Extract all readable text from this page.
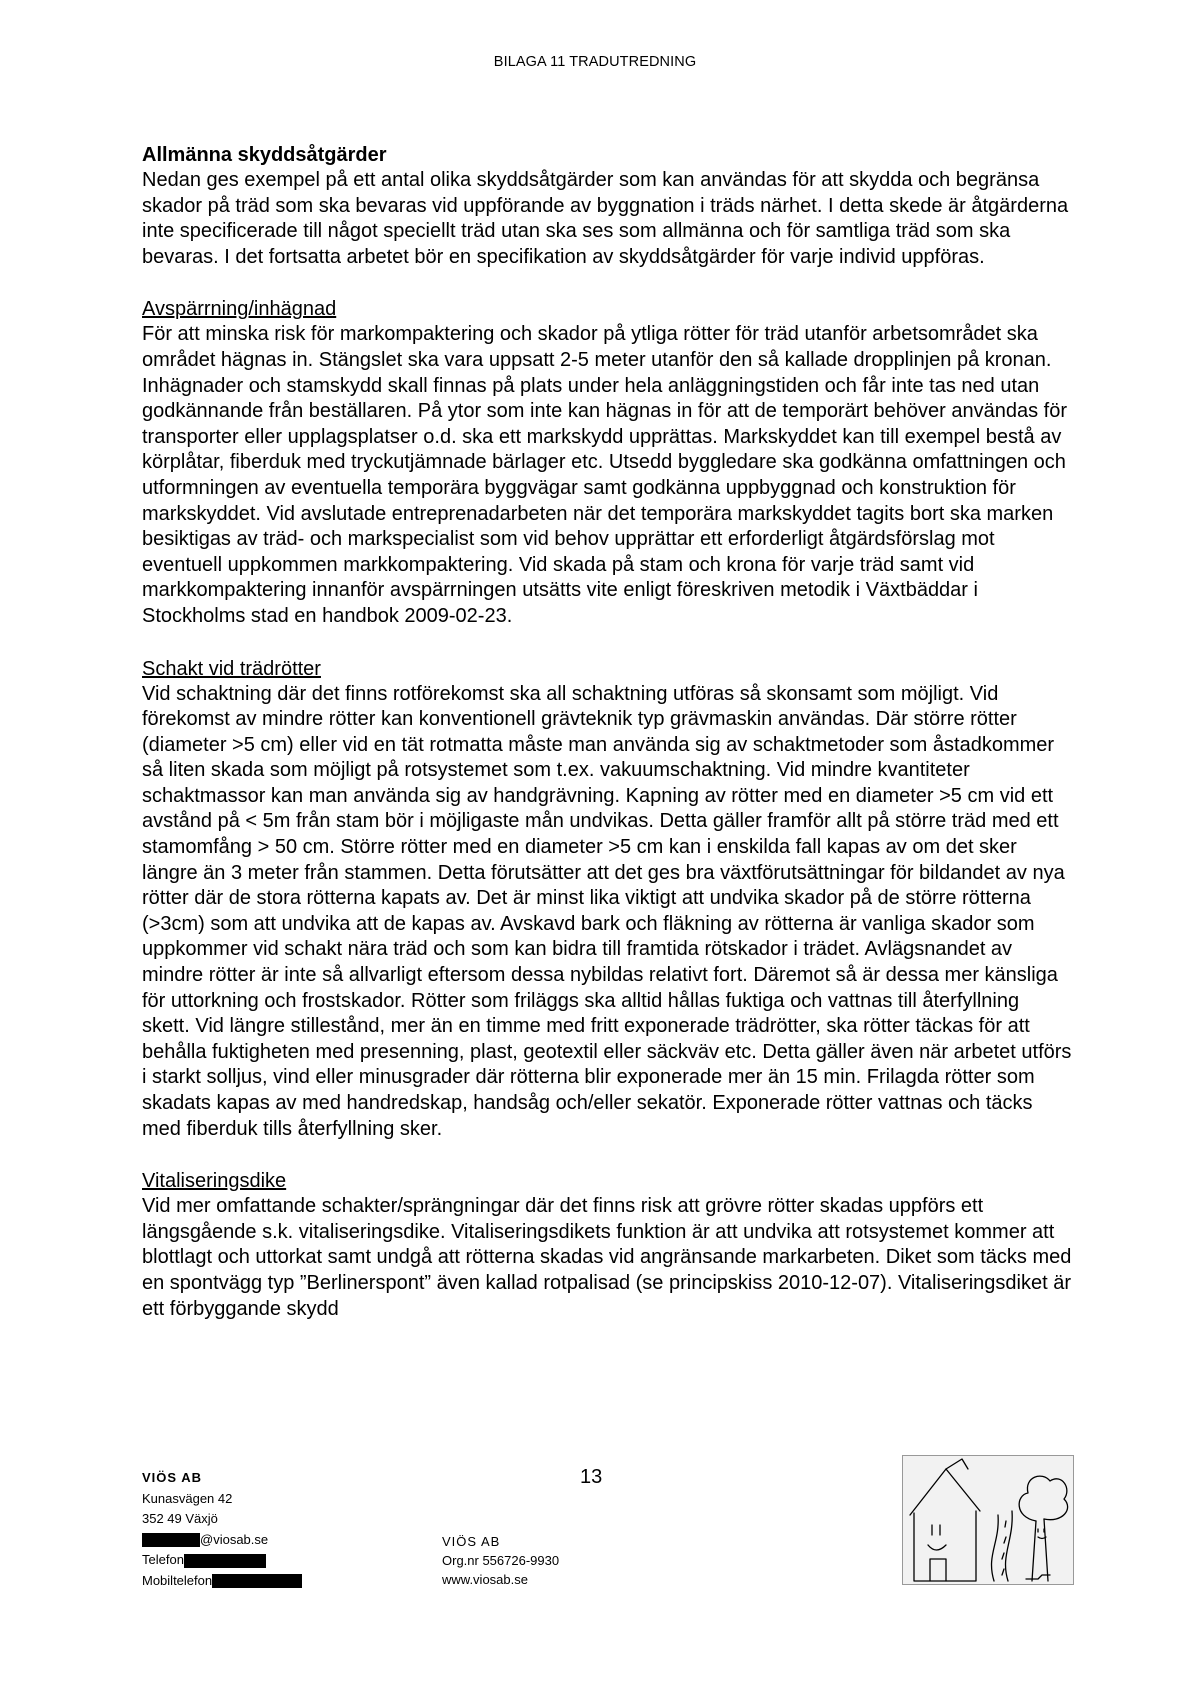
BILAGA 11 TRADUTREDNING
Allmänna skyddsåtgärder

Nedan ges exempel på ett antal olika skyddsåtgärder som kan användas för att skydda och begränsa skador på träd som ska bevaras vid uppförande av byggnation i träds närhet. I detta skede är åtgärderna inte specificerade till något speciellt träd utan ska ses som allmänna och för samtliga träd som ska bevaras. I det fortsatta arbetet bör en specifikation av skyddsåtgärder för varje individ uppföras.

Avspärrning/inhägnad

För att minska risk för markompaktering och skador på ytliga rötter för träd utanför arbetsområdet ska området hägnas in. Stängslet ska vara uppsatt 2-5 meter utanför den så kallade dropplinjen på kronan. Inhägnader och stamskydd skall finnas på plats under hela anläggningstiden och får inte tas ned utan godkännande från beställaren. På ytor som inte kan hägnas in för att de temporärt behöver användas för transporter eller upplagsplatser o.d. ska ett markskydd upprättas. Markskyddet kan till exempel bestå av körplåtar, fiberduk med tryckutjämnade bärlager etc. Utsedd byggledare ska godkänna omfattningen och utformningen av eventuella temporära byggvägar samt godkänna uppbyggnad och konstruktion för markskyddet. Vid avslutade entreprenadarbeten när det temporära markskyddet tagits bort ska marken besiktigas av träd- och markspecialist som vid behov upprättar ett erforderligt åtgärdsförslag mot eventuell uppkommen markkompaktering. Vid skada på stam och krona för varje träd samt vid markkompaktering innanför avspärrningen utsätts vite enligt föreskriven metodik i Växtbäddar i Stockholms stad en handbok 2009-02-23.

Schakt vid trädrötter

Vid schaktning där det finns rotförekomst ska all schaktning utföras så skonsamt som möjligt. Vid förekomst av mindre rötter kan konventionell grävteknik typ grävmaskin användas. Där större rötter (diameter >5 cm) eller vid en tät rotmatta måste man använda sig av schaktmetoder som åstadkommer så liten skada som möjligt på rotsystemet som t.ex. vakuumschaktning. Vid mindre kvantiteter schaktmassor kan man använda sig av handgrävning. Kapning av rötter med en diameter >5 cm vid ett avstånd på < 5m från stam bör i möjligaste mån undvikas. Detta gäller framför allt på större träd med ett stamomfång > 50 cm. Större rötter med en diameter >5 cm kan i enskilda fall kapas av om det sker längre än 3 meter från stammen. Detta förutsätter att det ges bra växtförutsättningar för bildandet av nya rötter där de stora rötterna kapats av. Det är minst lika viktigt att undvika skador på de större rötterna (>3cm) som att undvika att de kapas av. Avskavd bark och fläkning av rötterna är vanliga skador som uppkommer vid schakt nära träd och som kan bidra till framtida rötskador i trädet. Avlägsnandet av mindre rötter är inte så allvarligt eftersom dessa nybildas relativt fort. Däremot så är dessa mer känsliga för uttorkning och frostskador. Rötter som friläggs ska alltid hållas fuktiga och vattnas till återfyllning skett. Vid längre stillestånd, mer än en timme med fritt exponerade trädrötter, ska rötter täckas för att behålla fuktigheten med presenning, plast, geotextil eller säckväv etc. Detta gäller även när arbetet utförs i starkt solljus, vind eller minusgrader där rötterna blir exponerade mer än 15 min. Frilagda rötter som skadats kapas av med handredskap, handsåg och/eller sekatör. Exponerade rötter vattnas och täcks med fiberduk tills återfyllning sker.

Vitaliseringsdike

Vid mer omfattande schakter/sprängningar där det finns risk att grövre rötter skadas uppförs ett längsgående s.k. vitaliseringsdike. Vitaliseringsdikets funktion är att undvika att rotsystemet kommer att blottlagt och uttorkat samt undgå att rötterna skadas vid angränsande markarbeten. Diket som täcks med en spontvägg typ ”Berlinerspont” även kallad rotpalisad (se principskiss 2010-12-07). Vitaliseringsdiket är ett förbyggande skydd

13
VIÖS AB
Kunasvägen 42
352 49 Växjö
@viosab.se
Telefon
Mobiltelefon
VIÖS AB
Org.nr 556726-9930
www.viosab.se
